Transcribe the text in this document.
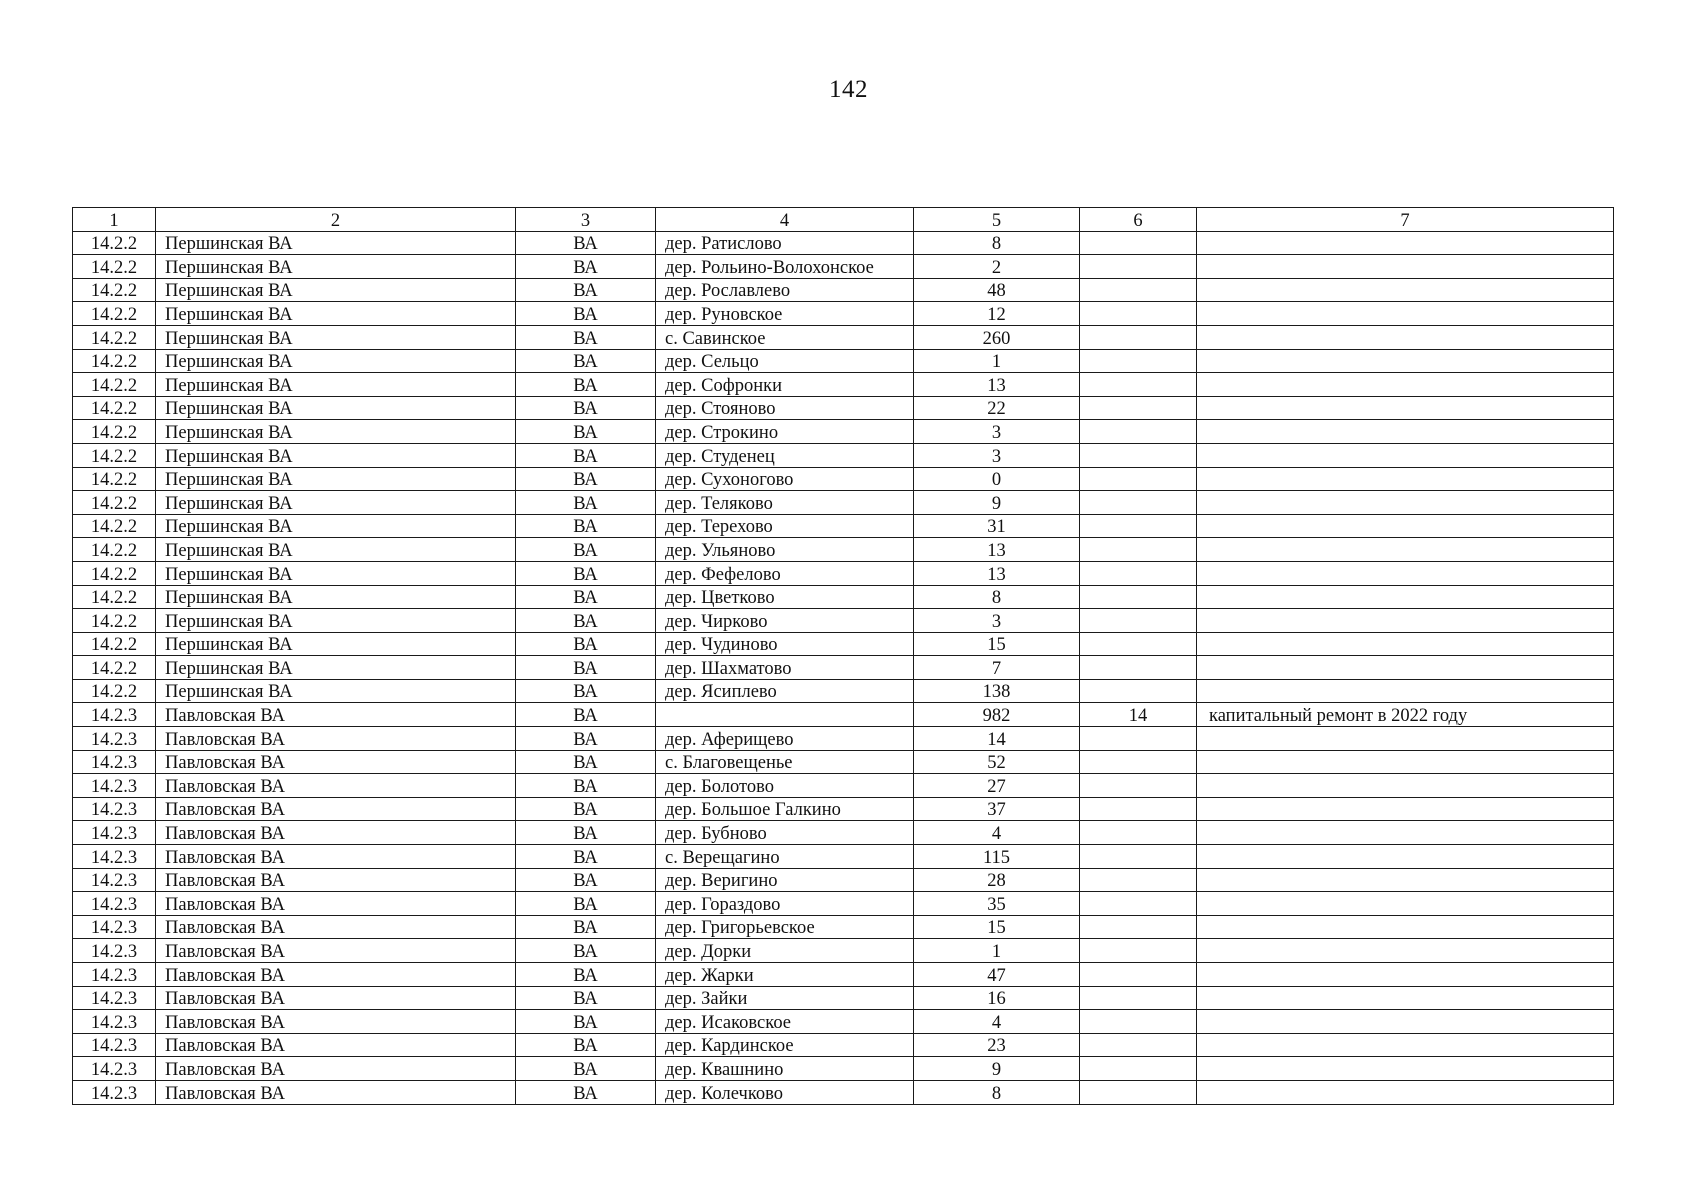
142
1	2	3	4	5	6	7
14.2.2	Першинская ВА	ВА	дер. Ратислово	8		
14.2.2	Першинская ВА	ВА	дер. Рольино-Волохонское	2		
14.2.2	Першинская ВА	ВА	дер. Рославлево	48		
14.2.2	Першинская ВА	ВА	дер. Руновское	12		
14.2.2	Першинская ВА	ВА	с. Савинское	260		
14.2.2	Першинская ВА	ВА	дер. Сельцо	1		
14.2.2	Першинская ВА	ВА	дер. Софронки	13		
14.2.2	Першинская ВА	ВА	дер. Стояново	22		
14.2.2	Першинская ВА	ВА	дер. Строкино	3		
14.2.2	Першинская ВА	ВА	дер. Студенец	3		
14.2.2	Першинская ВА	ВА	дер. Сухоногово	0		
14.2.2	Першинская ВА	ВА	дер. Теляково	9		
14.2.2	Першинская ВА	ВА	дер. Терехово	31		
14.2.2	Першинская ВА	ВА	дер. Ульяново	13		
14.2.2	Першинская ВА	ВА	дер. Фефелово	13		
14.2.2	Першинская ВА	ВА	дер. Цветково	8		
14.2.2	Першинская ВА	ВА	дер. Чирково	3		
14.2.2	Першинская ВА	ВА	дер. Чудиново	15		
14.2.2	Першинская ВА	ВА	дер. Шахматово	7		
14.2.2	Першинская ВА	ВА	дер. Ясиплево	138		
14.2.3	Павловская ВА	ВА		982	14	капитальный ремонт в 2022 году
14.2.3	Павловская ВА	ВА	дер. Аферищево	14		
14.2.3	Павловская ВА	ВА	с. Благовещенье	52		
14.2.3	Павловская ВА	ВА	дер. Болотово	27		
14.2.3	Павловская ВА	ВА	дер. Большое Галкино	37		
14.2.3	Павловская ВА	ВА	дер. Бубново	4		
14.2.3	Павловская ВА	ВА	с. Верещагино	115		
14.2.3	Павловская ВА	ВА	дер. Веригино	28		
14.2.3	Павловская ВА	ВА	дер. Гораздово	35		
14.2.3	Павловская ВА	ВА	дер. Григорьевское	15		
14.2.3	Павловская ВА	ВА	дер. Дорки	1		
14.2.3	Павловская ВА	ВА	дер. Жарки	47		
14.2.3	Павловская ВА	ВА	дер. Зайки	16		
14.2.3	Павловская ВА	ВА	дер. Исаковское	4		
14.2.3	Павловская ВА	ВА	дер. Кардинское	23		
14.2.3	Павловская ВА	ВА	дер. Квашнино	9		
14.2.3	Павловская ВА	ВА	дер. Колечково	8		
